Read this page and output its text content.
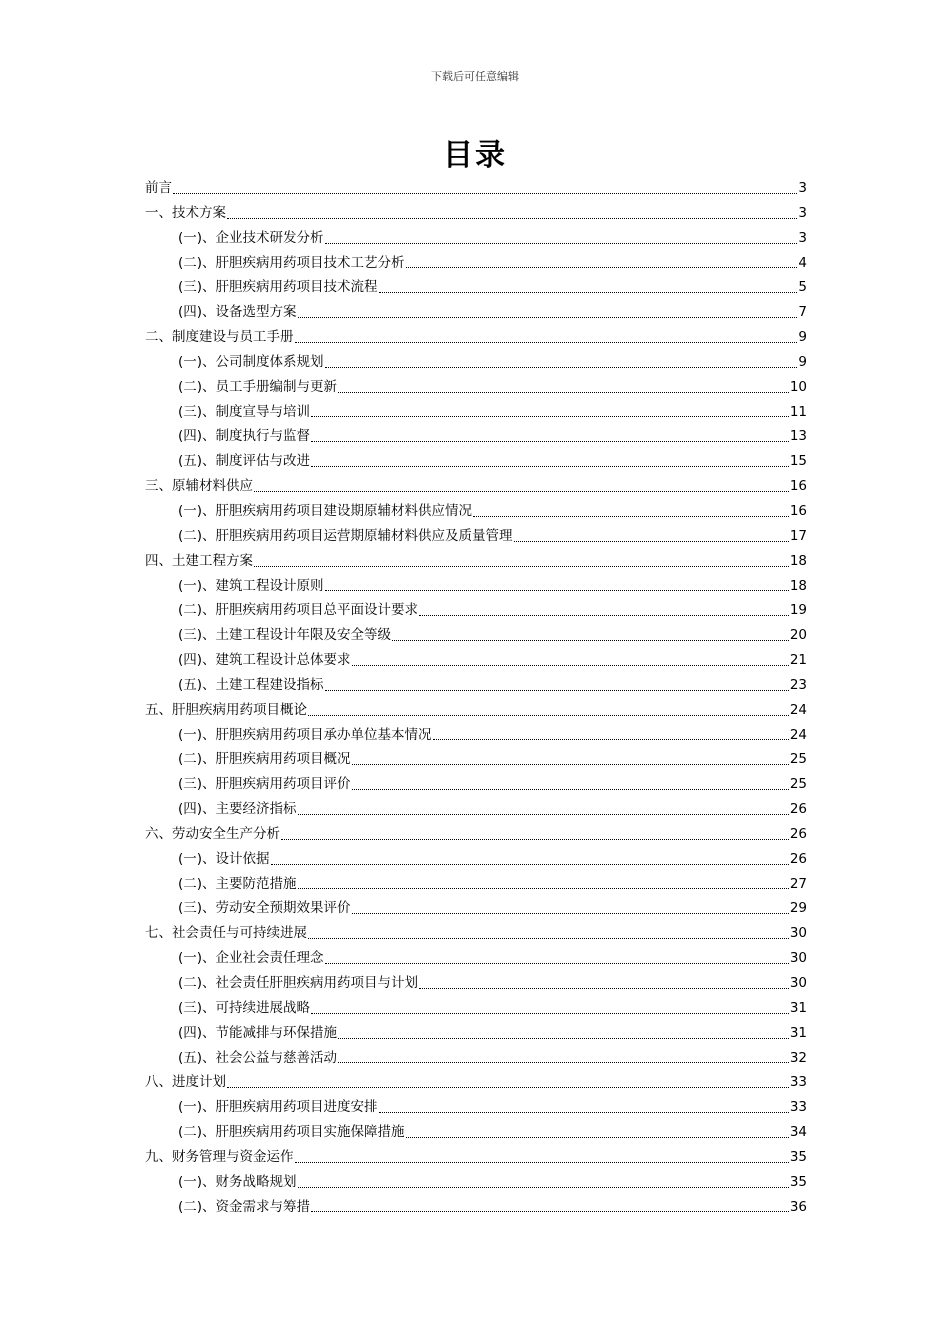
下载后可任意编辑
目录
前言	3
一、技术方案	3
(一)、企业技术研发分析	3
(二)、肝胆疾病用药项目技术工艺分析	4
(三)、肝胆疾病用药项目技术流程	5
(四)、设备选型方案	7
二、制度建设与员工手册	9
(一)、公司制度体系规划	9
(二)、员工手册编制与更新	10
(三)、制度宣导与培训	11
(四)、制度执行与监督	13
(五)、制度评估与改进	15
三、原辅材料供应	16
(一)、肝胆疾病用药项目建设期原辅材料供应情况	16
(二)、肝胆疾病用药项目运营期原辅材料供应及质量管理	17
四、土建工程方案	18
(一)、建筑工程设计原则	18
(二)、肝胆疾病用药项目总平面设计要求	19
(三)、土建工程设计年限及安全等级	20
(四)、建筑工程设计总体要求	21
(五)、土建工程建设指标	23
五、肝胆疾病用药项目概论	24
(一)、肝胆疾病用药项目承办单位基本情况	24
(二)、肝胆疾病用药项目概况	25
(三)、肝胆疾病用药项目评价	25
(四)、主要经济指标	26
六、劳动安全生产分析	26
(一)、设计依据	26
(二)、主要防范措施	27
(三)、劳动安全预期效果评价	29
七、社会责任与可持续进展	30
(一)、企业社会责任理念	30
(二)、社会责任肝胆疾病用药项目与计划	30
(三)、可持续进展战略	31
(四)、节能减排与环保措施	31
(五)、社会公益与慈善活动	32
八、进度计划	33
(一)、肝胆疾病用药项目进度安排	33
(二)、肝胆疾病用药项目实施保障措施	34
九、财务管理与资金运作	35
(一)、财务战略规划	35
(二)、资金需求与筹措	36
